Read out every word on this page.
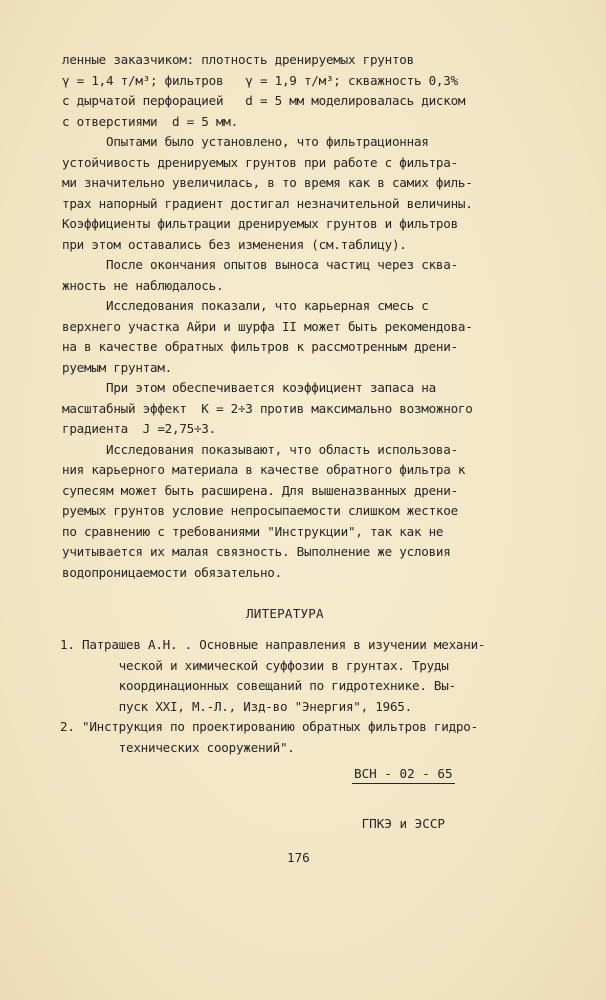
ленные заказчиком: плотность дренируемых грунтов
γ = 1,4 т/м³; фильтров   γ = 1,9 т/м³; скважность 0,3%
с дырчатой перфорацией   d = 5 мм моделировалась диском
с отверстиями  d = 5 мм.
Опытами было установлено, что фильтрационная
устойчивость дренируемых грунтов при работе с фильтра-
ми значительно увеличилась, в то время как в самих филь-
трах напорный градиент достигал незначительной величины.
Коэффициенты фильтрации дренируемых грунтов и фильтров
при этом оставались без изменения (см.таблицу).
После окончания опытов выноса частиц через сква-
жность не наблюдалось.
Исследования показали, что карьерная смесь с
верхнего участка Айри и шурфа II может быть рекомендова-
на в качестве обратных фильтров к рассмотренным дрени-
руемым грунтам.
При этом обеспечивается коэффициент запаса на
масштабный эффект  K = 2÷3 против максимально возможного
градиента  J =2,75÷3.
Исследования показывают, что область использова-
ния карьерного материала в качестве обратного фильтра к
супесям может быть расширена. Для вышеназванных дрени-
руемых грунтов условие непросыпаемости слишком жесткое
по сравнению с требованиями "Инструкции", так как не
учитывается их малая связность. Выполнение же условия
водопроницаемости обязательно.
ЛИТЕРАТУРА
1. Патрашев А.Н. . Основные направления в изучении механи-
ческой и химической суффозии в грунтах. Труды
координационных совещаний по гидротехнике. Вы-
пуск XXI, М.-Л., Изд-во "Энергия", 1965.
2. "Инструкция по проектированию обратных фильтров гидро-
технических сооружений".

ВСН - 02 - 65

ГПКЭ и ЭССР

176
